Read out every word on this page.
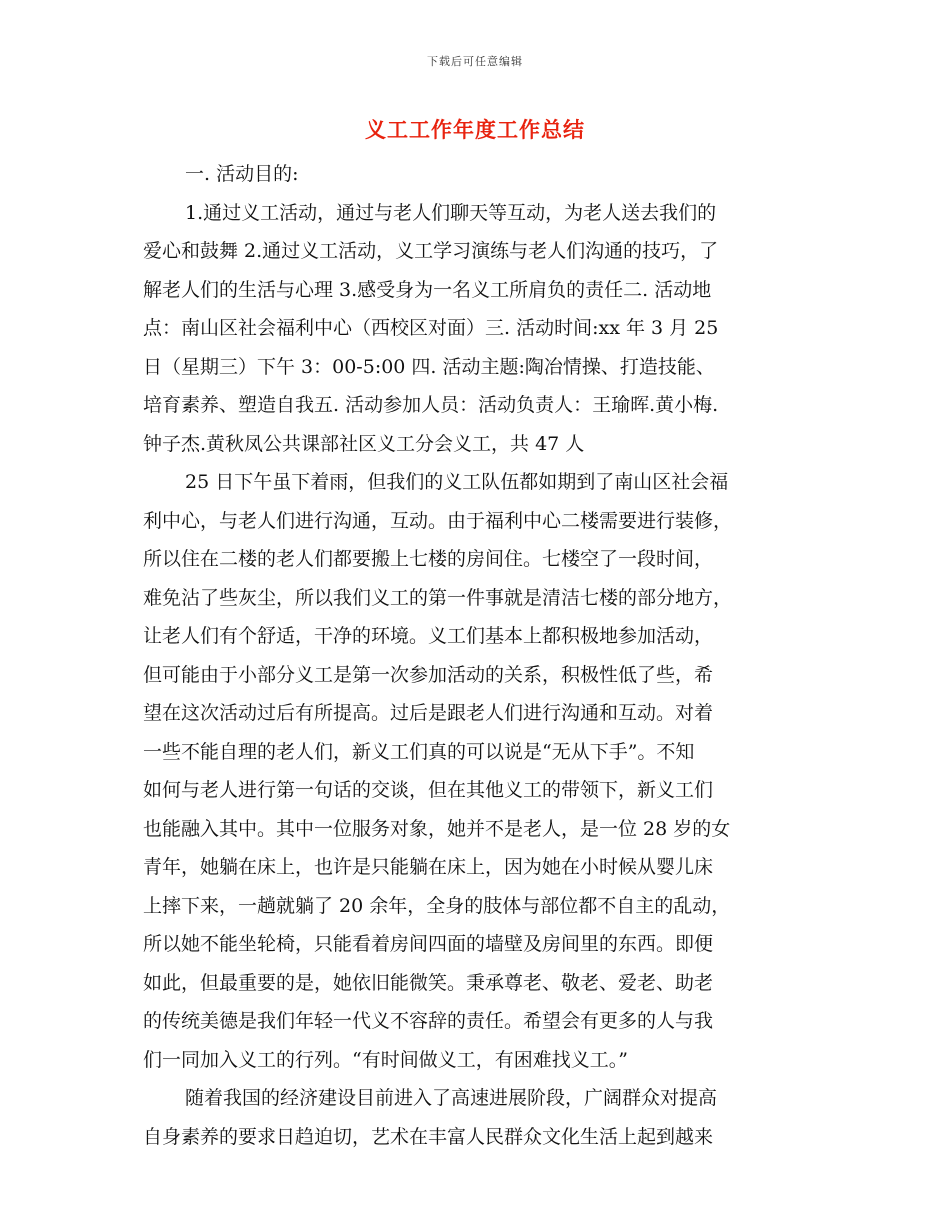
下载后可任意编辑
义工工作年度工作总结
一. 活动目的:
1.通过义工活动，通过与老人们聊天等互动，为老人送去我们的
爱心和鼓舞 2.通过义工活动，义工学习演练与老人们沟通的技巧，了
解老人们的生活与心理 3.感受身为一名义工所肩负的责任二. 活动地
点：南山区社会福利中心（西校区对面）三. 活动时间:xx 年 3 月 25
日（星期三）下午 3：00-5:00 四. 活动主题:陶冶情操、打造技能、
培育素养、塑造自我五. 活动参加人员：活动负责人：王瑜晖.黄小梅.
钟子杰.黄秋凤公共课部社区义工分会义工，共 47 人
25 日下午虽下着雨，但我们的义工队伍都如期到了南山区社会福
利中心，与老人们进行沟通，互动。由于福利中心二楼需要进行装修，
所以住在二楼的老人们都要搬上七楼的房间住。七楼空了一段时间，
难免沾了些灰尘，所以我们义工的第一件事就是清洁七楼的部分地方，
让老人们有个舒适，干净的环境。义工们基本上都积极地参加活动，
但可能由于小部分义工是第一次参加活动的关系，积极性低了些，希
望在这次活动过后有所提高。过后是跟老人们进行沟通和互动。对着
一些不能自理的老人们，新义工们真的可以说是“无从下手”。不知
如何与老人进行第一句话的交谈，但在其他义工的带领下，新义工们
也能融入其中。其中一位服务对象，她并不是老人，是一位 28 岁的女
青年，她躺在床上，也许是只能躺在床上，因为她在小时候从婴儿床
上摔下来，一趟就躺了 20 余年，全身的肢体与部位都不自主的乱动，
所以她不能坐轮椅，只能看着房间四面的墙壁及房间里的东西。即便
如此，但最重要的是，她依旧能微笑。秉承尊老、敬老、爱老、助老
的传统美德是我们年轻一代义不容辞的责任。希望会有更多的人与我
们一同加入义工的行列。“有时间做义工，有困难找义工。”
随着我国的经济建设目前进入了高速进展阶段，广阔群众对提高
自身素养的要求日趋迫切，艺术在丰富人民群众文化生活上起到越来
